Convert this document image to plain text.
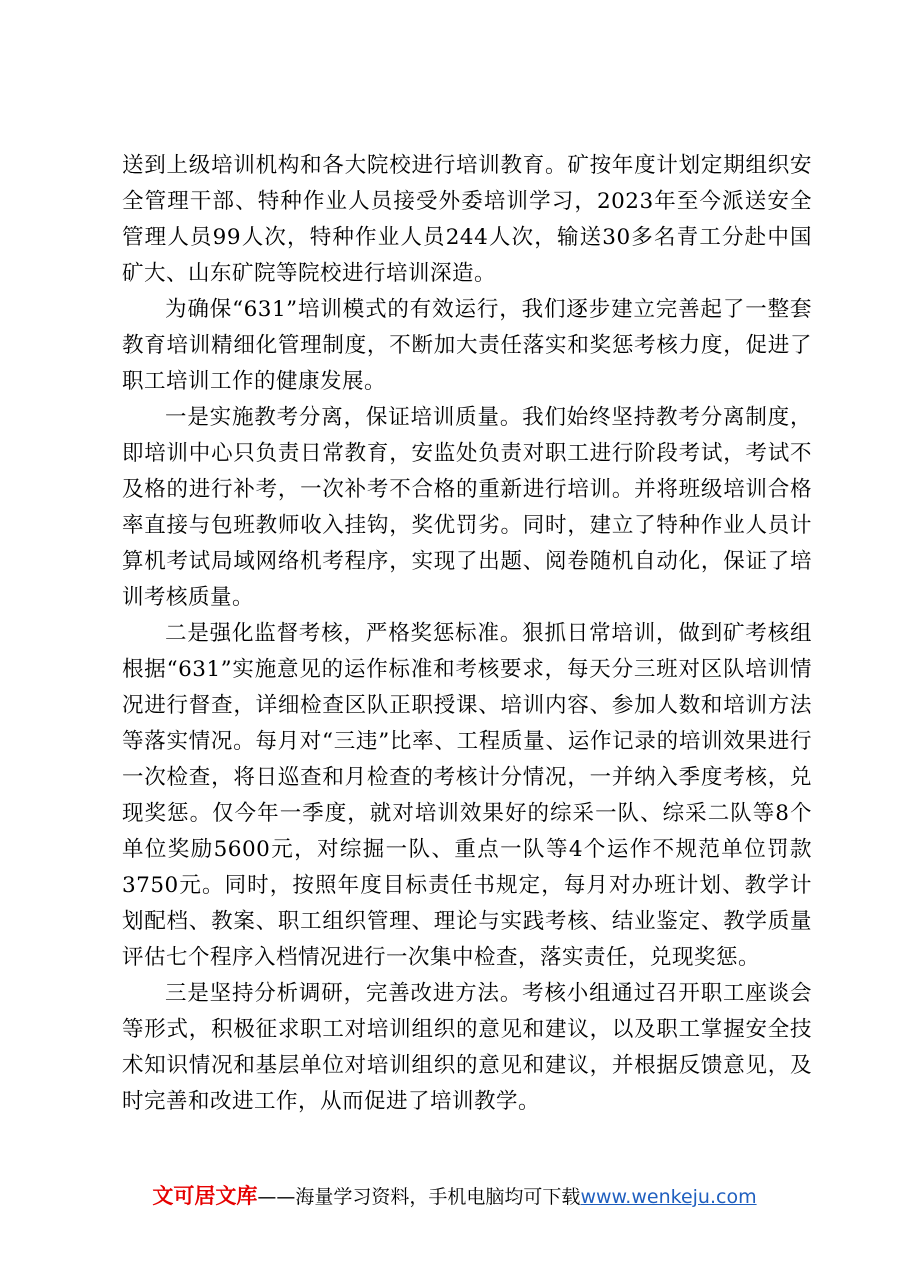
送到上级培训机构和各大院校进行培训教育。矿按年度计划定期组织安全管理干部、特种作业人员接受外委培训学习，2023年至今派送安全管理人员99人次，特种作业人员244人次，输送30多名青工分赴中国矿大、山东矿院等院校进行培训深造。

为确保“631”培训模式的有效运行，我们逐步建立完善起了一整套教育培训精细化管理制度，不断加大责任落实和奖惩考核力度，促进了职工培训工作的健康发展。

一是实施教考分离，保证培训质量。我们始终坚持教考分离制度，即培训中心只负责日常教育，安监处负责对职工进行阶段考试，考试不及格的进行补考，一次补考不合格的重新进行培训。并将班级培训合格率直接与包班教师收入挂钩，奖优罚劣。同时，建立了特种作业人员计算机考试局域网络机考程序，实现了出题、阅卷随机自动化，保证了培训考核质量。

二是强化监督考核，严格奖惩标准。狠抓日常培训，做到矿考核组根据“631”实施意见的运作标准和考核要求，每天分三班对区队培训情况进行督查，详细检查区队正职授课、培训内容、参加人数和培训方法等落实情况。每月对“三违”比率、工程质量、运作记录的培训效果进行一次检查，将日巡查和月检查的考核计分情况，一并纳入季度考核，兑现奖惩。仅今年一季度，就对培训效果好的综采一队、综采二队等8个单位奖励5600元，对综掘一队、重点一队等4个运作不规范单位罚款3750元。同时，按照年度目标责任书规定，每月对办班计划、教学计划配档、教案、职工组织管理、理论与实践考核、结业鉴定、教学质量评估七个程序入档情况进行一次集中检查，落实责任，兑现奖惩。

三是坚持分析调研，完善改进方法。考核小组通过召开职工座谈会等形式，积极征求职工对培训组织的意见和建议，以及职工掌握安全技术知识情况和基层单位对培训组织的意见和建议，并根据反馈意见，及时完善和改进工作，从而促进了培训教学。

文可居文库——海量学习资料，手机电脑均可下载www.wenkeju.com
